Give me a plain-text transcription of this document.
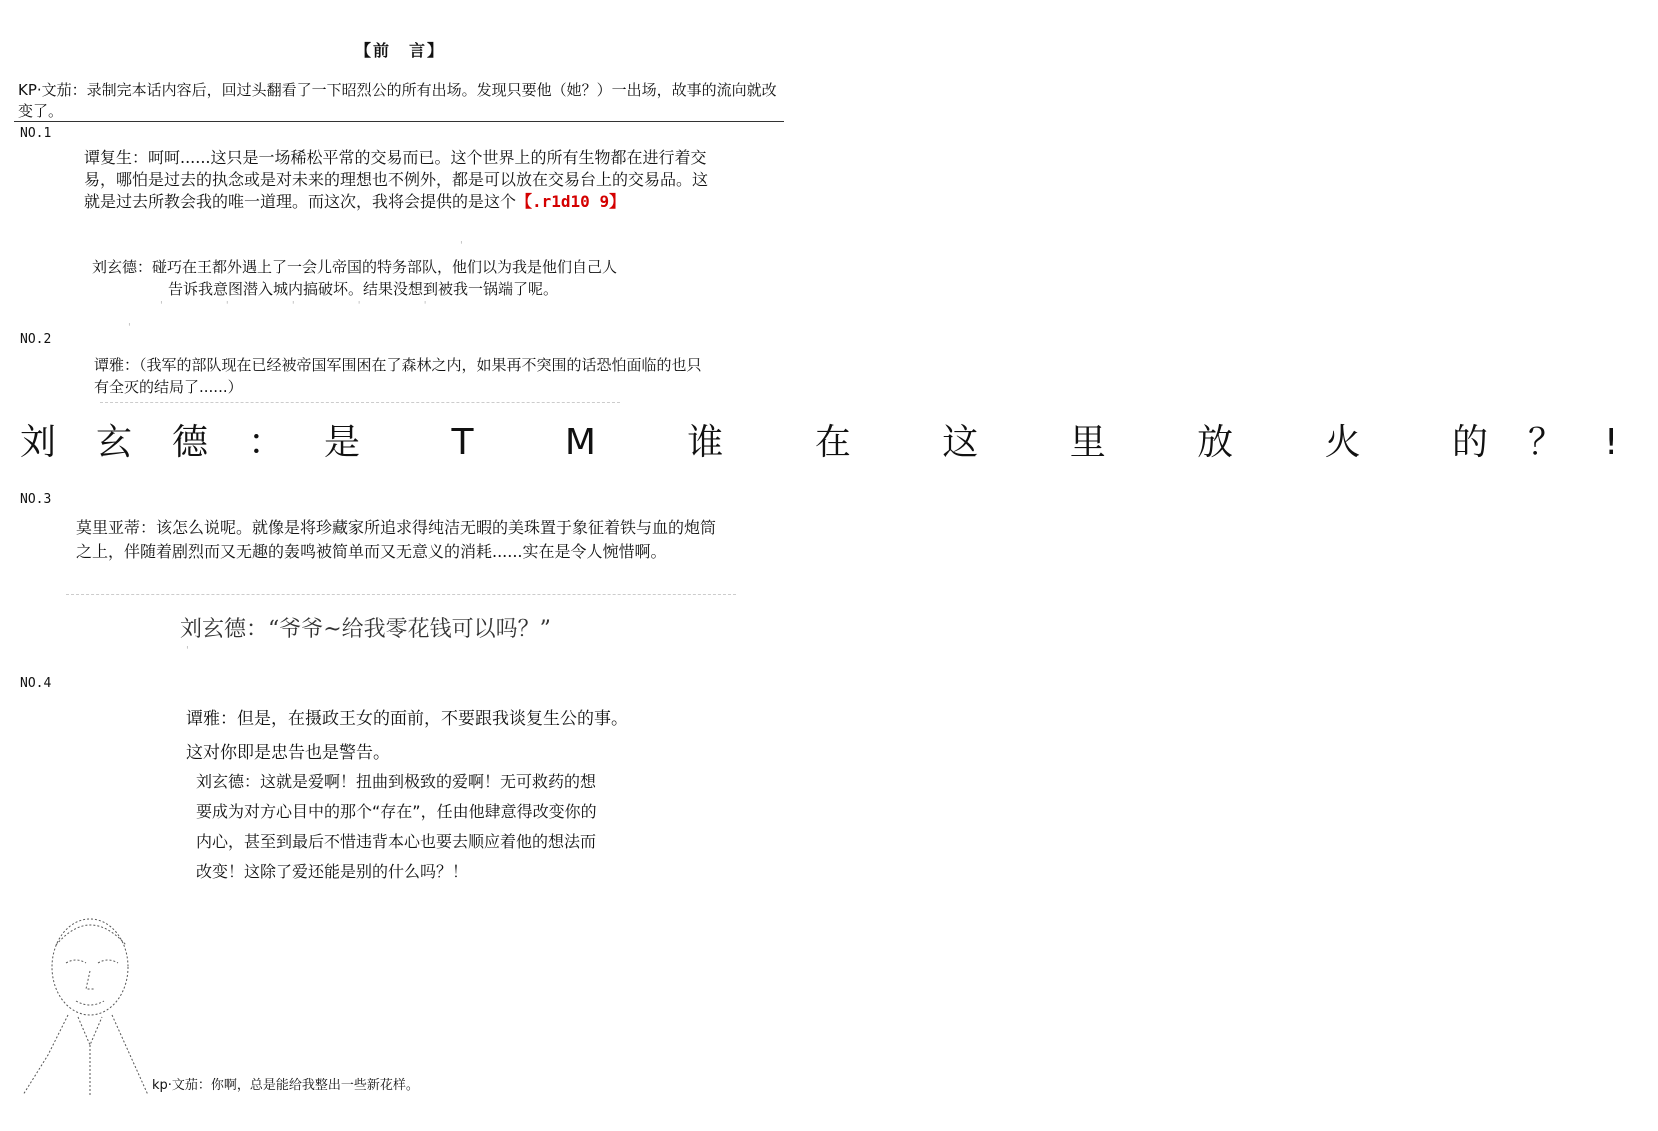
【前　言】
KP·文茄：录制完本话内容后，回过头翻看了一下昭烈公的所有出场。发现只要他（她？）一出场，故事的流向就改变了。
NO.1
谭复生：呵呵......这只是一场稀松平常的交易而已。这个世界上的所有生物都在进行着交易，哪怕是过去的执念或是对未来的理想也不例外，都是可以放在交易台上的交易品。这就是过去所教会我的唯一道理。而这次，我将会提供的是这个【.r1d10 9】
'
刘玄德：碰巧在王都外遇上了一会儿帝国的特务部队，他们以为我是他们自己人
告诉我意图潜入城内搞破坏。结果没想到被我一锅端了呢。
' ' ' ' '
NO.2
'
谭雅：（我军的部队现在已经被帝国军围困在了森林之内，如果再不突围的话恐怕面临的也只有全灭的结局了......）
刘玄德：是 T M 谁 在 这 里 放 火 的？!
NO.3
莫里亚蒂：该怎么说呢。就像是将珍藏家所追求得纯洁无暇的美珠置于象征着铁与血的炮筒之上，伴随着剧烈而又无趣的轰鸣被简单而又无意义的消耗......实在是令人惋惜啊。
刘玄德：“爷爷~给我零花钱可以吗？”
'
NO.4
谭雅：但是，在摄政王女的面前，不要跟我谈复生公的事。这对你即是忠告也是警告。
刘玄德：这就是爱啊！扭曲到极致的爱啊！无可救药的想要成为对方心目中的那个“存在”，任由他肆意得改变你的内心，甚至到最后不惜违背本心也要去顺应着他的想法而改变！这除了爱还能是别的什么吗？！
kp·文茄：你啊，总是能给我整出一些新花样。
